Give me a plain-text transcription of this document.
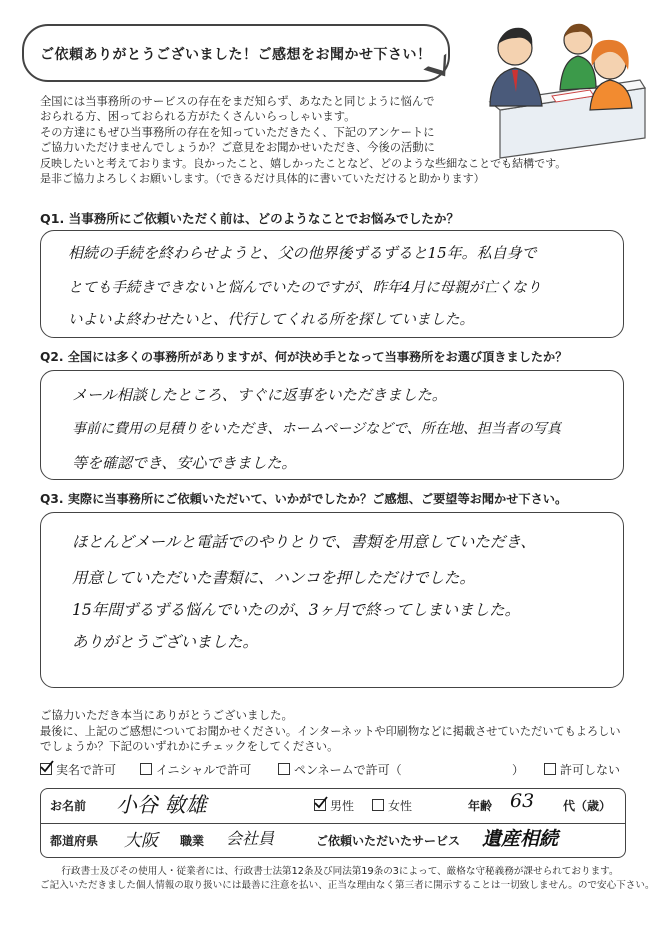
ご依頼ありがとうございました！ご感想をお聞かせ下さい！
全国には当事務所のサービスの存在をまだ知らず、あなたと同じように悩んで
おられる方、困っておられる方がたくさんいらっしゃいます。
その方達にもぜひ当事務所の存在を知っていただきたく、下記のアンケートに
ご協力いただけませんでしょうか？ご意見をお聞かせいただき、今後の活動に
反映したいと考えております。良かったこと、嬉しかったことなど、どのような些細なことでも結構です。
是非ご協力よろしくお願いします。（できるだけ具体的に書いていただけると助かります）
Q1. 当事務所にご依頼いただく前は、どのようなことでお悩みでしたか？
相続の手続を終わらせようと、父の他界後ずるずると15年。私自身で
とても手続きできないと悩んでいたのですが、昨年4月に母親が亡くなり
いよいよ終わせたいと、代行してくれる所を探していました。
Q2. 全国には多くの事務所がありますが、何が決め手となって当事務所をお選び頂きましたか？
メール相談したところ、すぐに返事をいただきました。
事前に費用の見積りをいただき、ホームページなどで、所在地、担当者の写真
等を確認でき、安心できました。
Q3. 実際に当事務所にご依頼いただいて、いかがでしたか？ご感想、ご要望等お聞かせ下さい。
ほとんどメールと電話でのやりとりで、書類を用意していただき、
用意していただいた書類に、ハンコを押しただけでした。
15年間ずるずる悩んでいたのが、3ヶ月で終ってしまいました。
ありがとうございました。
ご協力いただき本当にありがとうございました。
最後に、上記のご感想についてお聞かせください。インターネットや印刷物などに掲載させていただいてもよろしい
でしょうか？下記のいずれかにチェックをしてください。
実名で許可	イニシャルで許可	ペンネームで許可（	）	許可しない
お名前 小谷 敏雄	男性	女性	年齢 63 代（歳）
都道府県 大阪 職業 会社員	ご依頼いただいたサービス 遺産相続
行政書士及びその使用人・従業者には、行政書士法第12条及び同法第19条の3によって、厳格な守秘義務が課せられております。
ご記入いただきました個人情報の取り扱いには最善に注意を払い、正当な理由なく第三者に開示することは一切致しません。ので安心下さい。
